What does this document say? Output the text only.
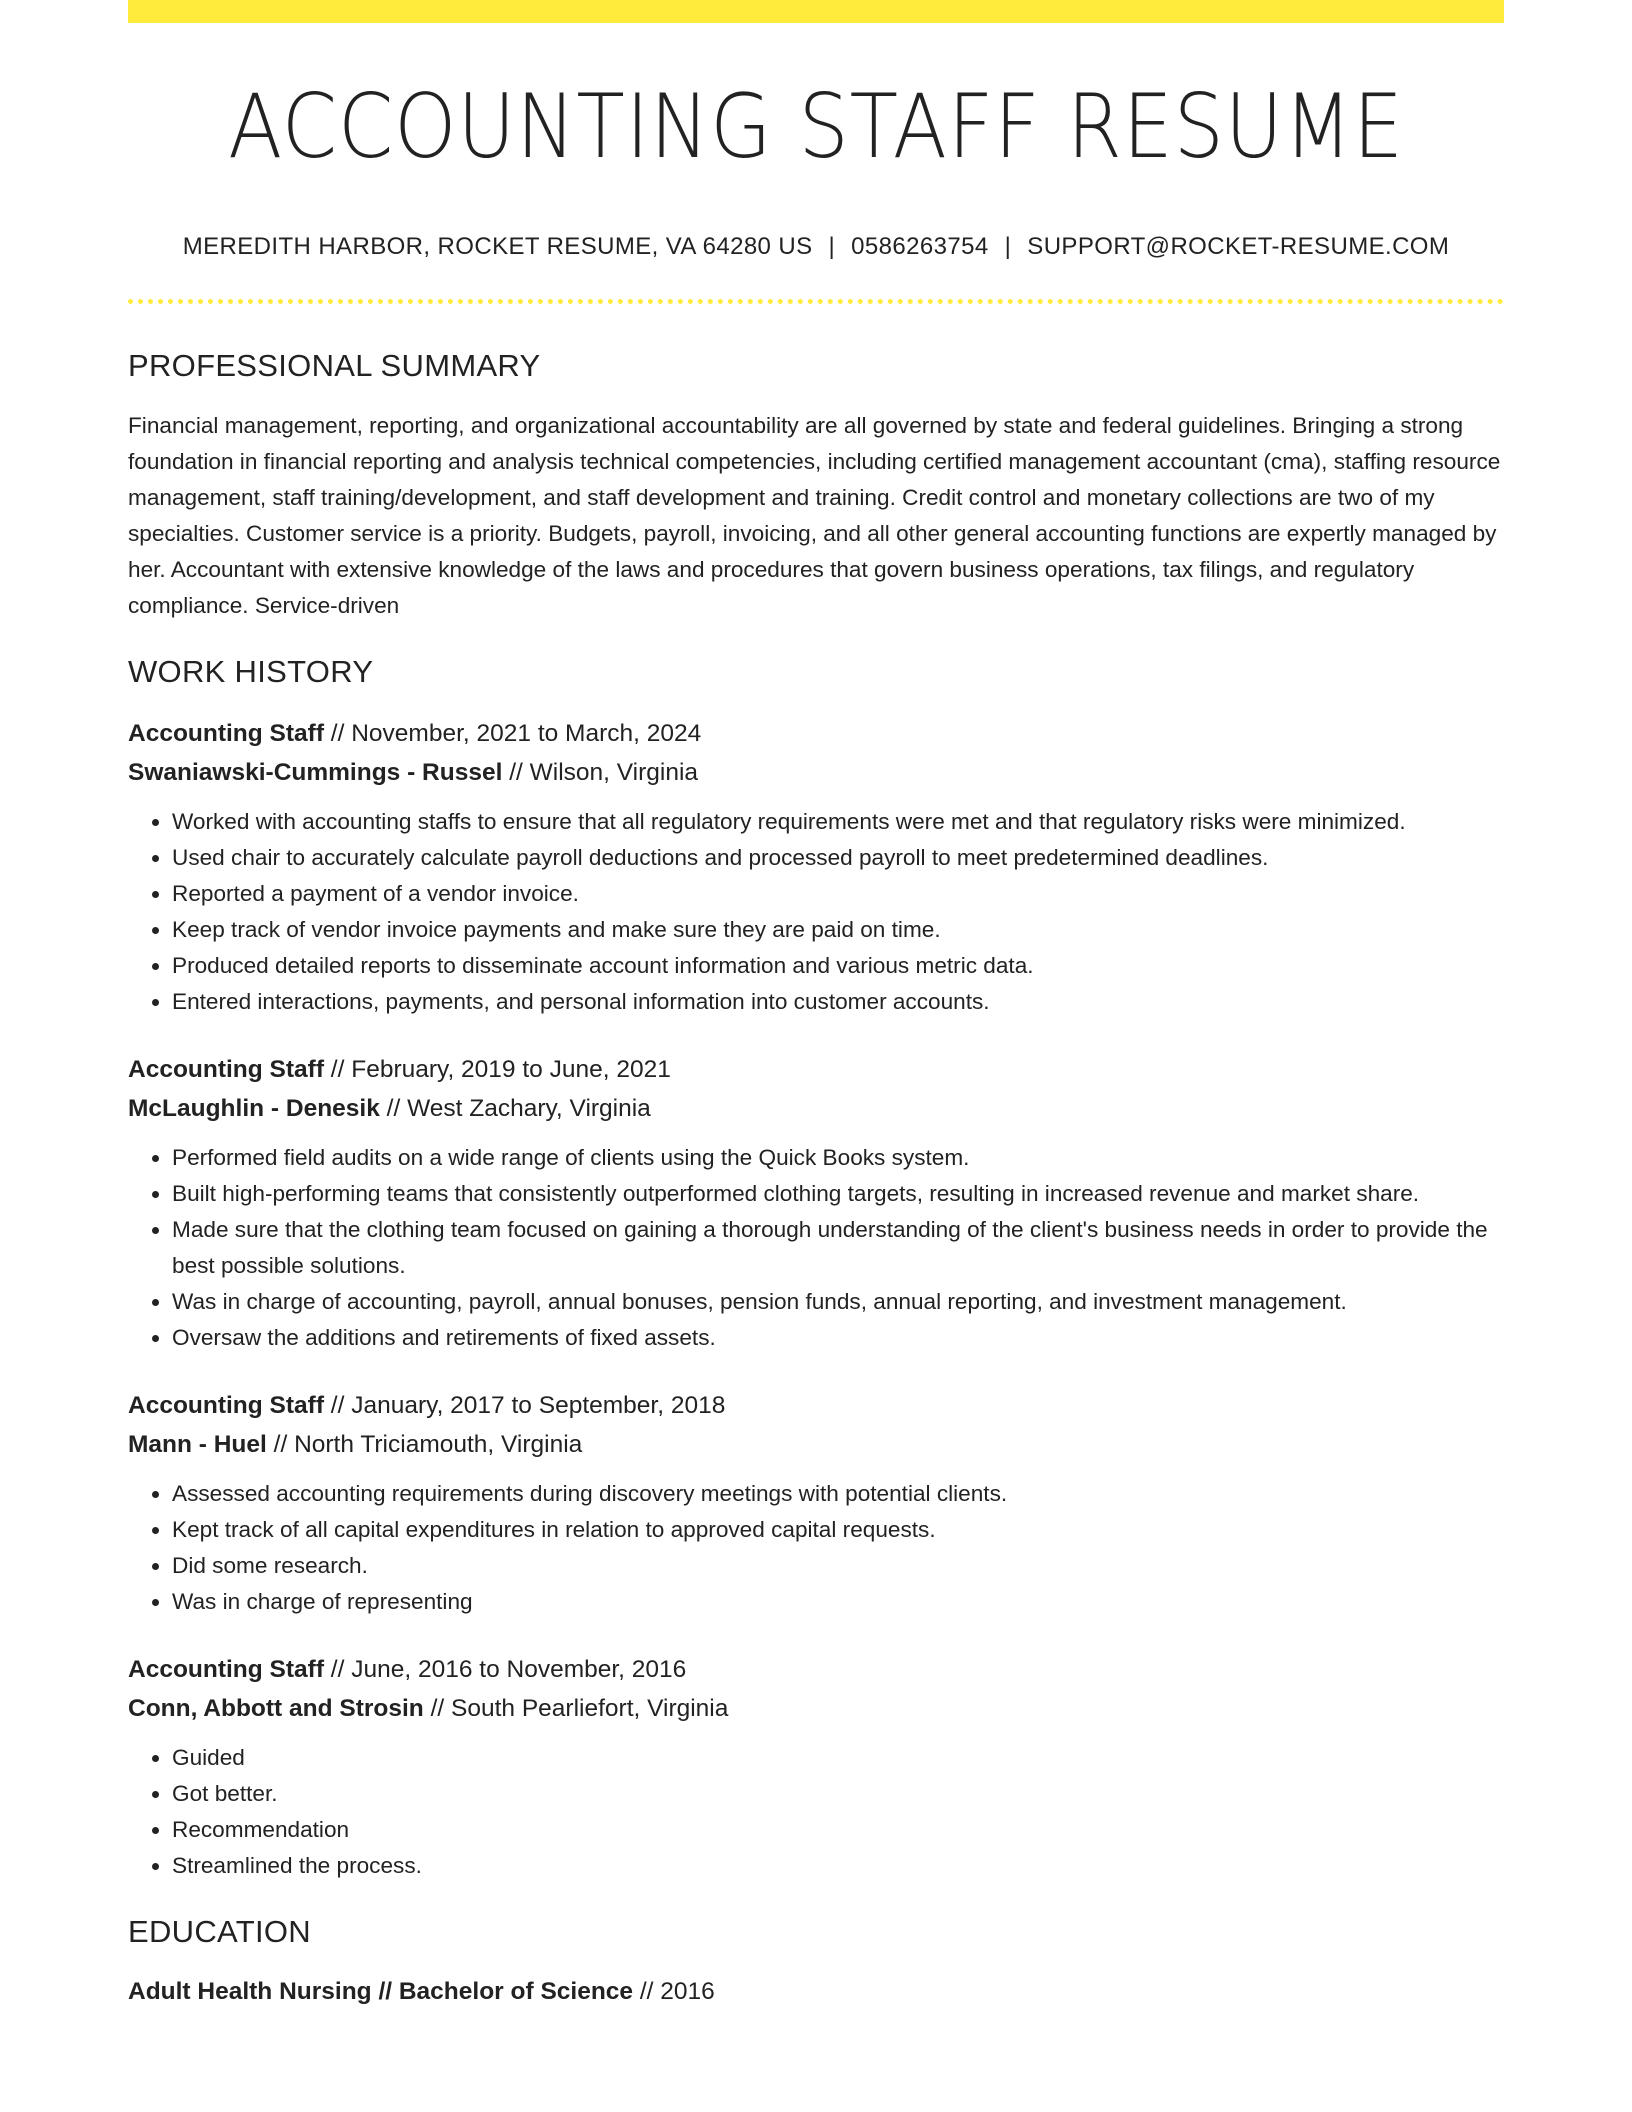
ACCOUNTING STAFF RESUME
MEREDITH HARBOR, ROCKET RESUME, VA 64280 US | 0586263754 | SUPPORT@ROCKET-RESUME.COM
PROFESSIONAL SUMMARY

Financial management, reporting, and organizational accountability are all governed by state and federal guidelines. Bringing a strong foundation in financial reporting and analysis technical competencies, including certified management accountant (cma), staffing resource management, staff training/development, and staff development and training. Credit control and monetary collections are two of my specialties. Customer service is a priority. Budgets, payroll, invoicing, and all other general accounting functions are expertly managed by her. Accountant with extensive knowledge of the laws and procedures that govern business operations, tax filings, and regulatory compliance. Service-driven

WORK HISTORY
Accounting Staff // November, 2021 to March, 2024
Swaniawski-Cummings - Russel // Wilson, Virginia
• Worked with accounting staffs to ensure that all regulatory requirements were met and that regulatory risks were minimized.
• Used chair to accurately calculate payroll deductions and processed payroll to meet predetermined deadlines.
• Reported a payment of a vendor invoice.
• Keep track of vendor invoice payments and make sure they are paid on time.
• Produced detailed reports to disseminate account information and various metric data.
• Entered interactions, payments, and personal information into customer accounts.
Accounting Staff // February, 2019 to June, 2021
McLaughlin - Denesik // West Zachary, Virginia
• Performed field audits on a wide range of clients using the Quick Books system.
• Built high-performing teams that consistently outperformed clothing targets, resulting in increased revenue and market share.
• Made sure that the clothing team focused on gaining a thorough understanding of the client's business needs in order to provide the best possible solutions.
• Was in charge of accounting, payroll, annual bonuses, pension funds, annual reporting, and investment management.
• Oversaw the additions and retirements of fixed assets.
Accounting Staff // January, 2017 to September, 2018
Mann - Huel // North Triciamouth, Virginia
• Assessed accounting requirements during discovery meetings with potential clients.
• Kept track of all capital expenditures in relation to approved capital requests.
• Did some research.
• Was in charge of representing
Accounting Staff // June, 2016 to November, 2016
Conn, Abbott and Strosin // South Pearliefort, Virginia
• Guided
• Got better.
• Recommendation
• Streamlined the process.
EDUCATION
Adult Health Nursing // Bachelor of Science // 2016
